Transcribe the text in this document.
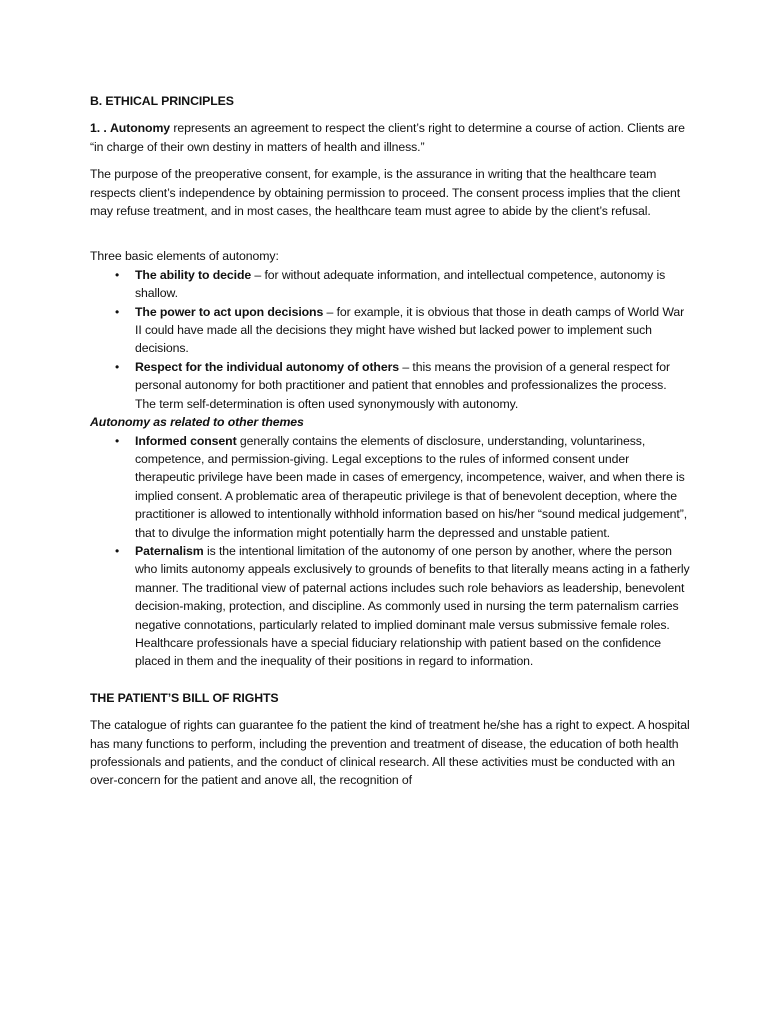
B. ETHICAL PRINCIPLES

1. . Autonomy represents an agreement to respect the client’s right to determine a course of action. Clients are “in charge of their own destiny in matters of health and illness.”

The purpose of the preoperative consent, for example, is the assurance in writing that the healthcare team respects client’s independence by obtaining permission to proceed. The consent process implies that the client may refuse treatment, and in most cases, the healthcare team must agree to abide by the client’s refusal.

Three basic elements of autonomy:

• The ability to decide – for without adequate information, and intellectual competence, autonomy is shallow.
• The power to act upon decisions – for example, it is obvious that those in death camps of World War II could have made all the decisions they might have wished but lacked power to implement such decisions.
• Respect for the individual autonomy of others – this means the provision of a general respect for personal autonomy for both practitioner and patient that ennobles and professionalizes the process. The term self-determination is often used synonymously with autonomy.

Autonomy as related to other themes

• Informed consent generally contains the elements of disclosure, understanding, voluntariness, competence, and permission-giving. Legal exceptions to the rules of informed consent under therapeutic privilege have been made in cases of emergency, incompetence, waiver, and when there is implied consent. A problematic area of therapeutic privilege is that of benevolent deception, where the practitioner is allowed to intentionally withhold information based on his/her “sound medical judgement”, that to divulge the information might potentially harm the depressed and unstable patient.
• Paternalism is the intentional limitation of the autonomy of one person by another, where the person who limits autonomy appeals exclusively to grounds of benefits to that literally means acting in a fatherly manner. The traditional view of paternal actions includes such role behaviors as leadership, benevolent decision-making, protection, and discipline. As commonly used in nursing the term paternalism carries negative connotations, particularly related to implied dominant male versus submissive female roles. Healthcare professionals have a special fiduciary relationship with patient based on the confidence placed in them and the inequality of their positions in regard to information.

THE PATIENT’S BILL OF RIGHTS

The catalogue of rights can guarantee fo the patient the kind of treatment he/she has a right to expect. A hospital has many functions to perform, including the prevention and treatment of disease, the education of both health professionals and patients, and the conduct of clinical research. All these activities must be conducted with an over-concern for the patient and anove all, the recognition of
